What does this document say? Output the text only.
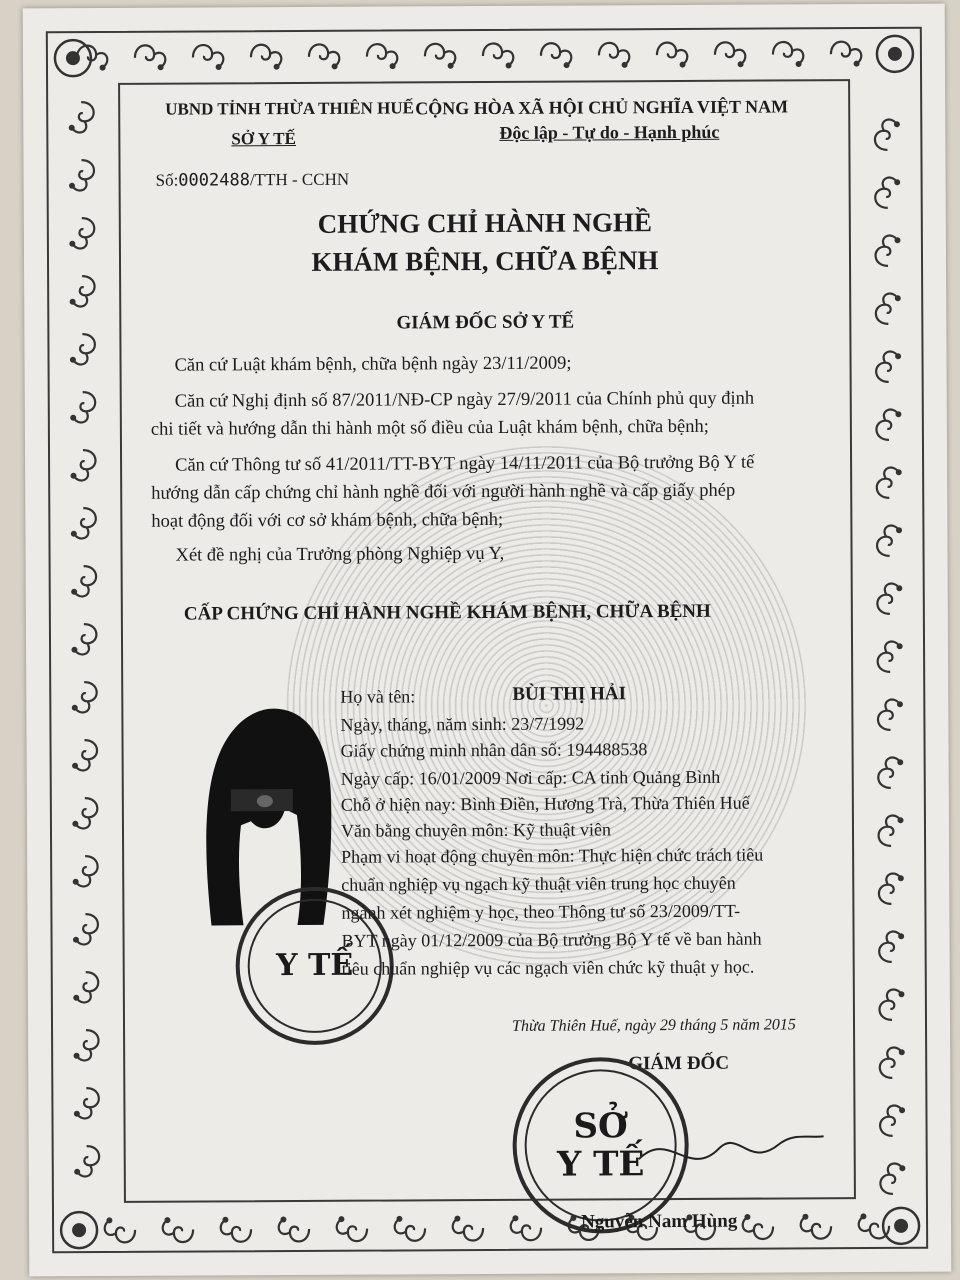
UBND TỈNH THỪA THIÊN HUẾ
SỞ Y TẾ
CỘNG HÒA XÃ HỘI CHỦ NGHĨA VIỆT NAM
Độc lập - Tự do - Hạnh phúc
Số:0002488/TTH - CCHN
CHỨNG CHỈ HÀNH NGHỀ
KHÁM BỆNH, CHỮA BỆNH
GIÁM ĐỐC SỞ Y TẾ
Căn cứ Luật khám bệnh, chữa bệnh ngày 23/11/2009;
Căn cứ Nghị định số 87/2011/NĐ-CP ngày 27/9/2011 của Chính phủ quy định
chi tiết và hướng dẫn thi hành một số điều của Luật khám bệnh, chữa bệnh;
Căn cứ Thông tư số 41/2011/TT-BYT ngày 14/11/2011 của Bộ trưởng Bộ Y tế
hướng dẫn cấp chứng chỉ hành nghề đối với người hành nghề và cấp giấy phép
hoạt động đối với cơ sở khám bệnh, chữa bệnh;
Xét đề nghị của Trưởng phòng Nghiệp vụ Y,
CẤP CHỨNG CHỈ HÀNH NGHỀ KHÁM BỆNH, CHỮA BỆNH
Y TẾ
Họ và tên:	BÙI THỊ HẢI
Ngày, tháng, năm sinh: 23/7/1992
Giấy chứng minh nhân dân số: 194488538
Ngày cấp: 16/01/2009 Nơi cấp: CA tỉnh Quảng Bình
Chỗ ở hiện nay: Bình Điền, Hương Trà, Thừa Thiên Huế
Văn bằng chuyên môn: Kỹ thuật viên
Phạm vi hoạt động chuyên môn: Thực hiện chức trách tiêu
chuẩn nghiệp vụ ngạch kỹ thuật viên trung học chuyên
ngành xét nghiệm y học, theo Thông tư số 23/2009/TT-
BYT ngày 01/12/2009 của Bộ trưởng Bộ Y tế về ban hành
tiêu chuẩn nghiệp vụ các ngạch viên chức kỹ thuật y học.
Thừa Thiên Huế, ngày 29 tháng 5 năm 2015
GIÁM ĐỐC
SỞ
Y TẾ
Nguyễn Nam Hùng
